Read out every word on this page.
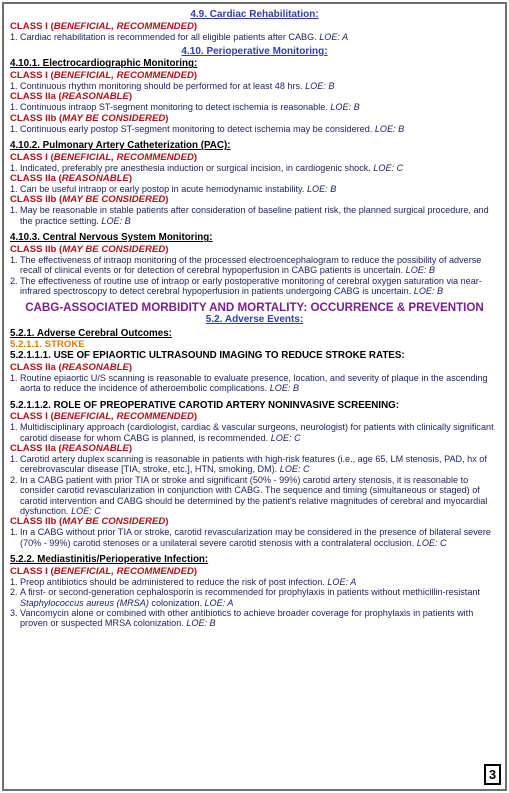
4.9. Cardiac Rehabilitation:
CLASS I (BENEFICIAL, RECOMMENDED)
1. Cardiac rehabilitation is recommended for all eligible patients after CABG. LOE: A
4.10. Perioperative Monitoring:
4.10.1. Electrocardiographic Monitoring:
CLASS I (BENEFICIAL, RECOMMENDED)
1. Continuous rhythm monitoring should be performed for at least 48 hrs. LOE: B
CLASS IIa (REASONABLE)
1. Continuous intraop ST-segment monitoring to detect ischemia is reasonable. LOE: B
CLASS IIb (MAY BE CONSIDERED)
1. Continuous early postop ST-segment monitoring to detect ischemia may be considered. LOE: B
4.10.2. Pulmonary Artery Catheterization (PAC):
CLASS I (BENEFICIAL, RECOMMENDED)
1. Indicated, preferably pre anesthesia induction or surgical incision, in cardiogenic shock. LOE: C
CLASS IIa (REASONABLE)
1. Can be useful intraop or early postop in acute hemodynamic instability. LOE: B
CLASS IIb (MAY BE CONSIDERED)
1. May be reasonable in stable patients after consideration of baseline patient risk, the planned surgical procedure, and the practice setting. LOE: B
4.10.3. Central Nervous System Monitoring:
CLASS IIb (MAY BE CONSIDERED)
1. The effectiveness of intraop monitoring of the processed electroencephalogram to reduce the possibility of adverse recall of clinical events or for detection of cerebral hypoperfusion in CABG patients is uncertain. LOE: B
2. The effectiveness of routine use of intraop or early postoperative monitoring of cerebral oxygen saturation via near-infrared spectroscopy to detect cerebral hypoperfusion in patients undergoing CABG is uncertain. LOE: B
CABG-ASSOCIATED MORBIDITY AND MORTALITY: OCCURRENCE & PREVENTION
5.2. Adverse Events:
5.2.1. Adverse Cerebral Outcomes:
5.2.1.1. STROKE
5.2.1.1.1. USE OF EPIAORTIC ULTRASOUND IMAGING TO REDUCE STROKE RATES:
CLASS IIa (REASONABLE)
1. Routine epiaortic U/S scanning is reasonable to evaluate presence, location, and severity of plaque in the ascending aorta to reduce the incidence of atheroembolic complications. LOE: B
5.2.1.1.2. ROLE OF PREOPERATIVE CAROTID ARTERY NONINVASIVE SCREENING:
CLASS I (BENEFICIAL, RECOMMENDED)
1. Multidisciplinary approach (cardiologist, cardiac & vascular surgeons, neurologist) for patients with clinically significant carotid disease for whom CABG is planned, is recommended. LOE: C
CLASS IIa (REASONABLE)
1. Carotid artery duplex scanning is reasonable in patients with high-risk features (i.e., age 65, LM stenosis, PAD, hx of cerebrovascular disease [TIA, stroke, etc.], HTN, smoking, DM). LOE: C
2. In a CABG patient with prior TIA or stroke and significant (50% - 99%) carotid artery stenosis, it is reasonable to consider carotid revascularization in conjunction with CABG. The sequence and timing (simultaneous or staged) of carotid intervention and CABG should be determined by the patient's relative magnitudes of cerebral and myocardial dysfunction. LOE: C
CLASS IIb (MAY BE CONSIDERED)
1. In a CABG without prior TIA or stroke, carotid revascularization may be considered in the presence of bilateral severe (70% - 99%) carotid stenoses or a unilateral severe carotid stenosis with a contralateral occlusion. LOE: C
5.2.2. Mediastinitis/Perioperative Infection:
CLASS I (BENEFICIAL, RECOMMENDED)
1. Preop antibiotics should be administered to reduce the risk of post infection. LOE: A
2. A first- or second-generation cephalosporin is recommended for prophylaxis in patients without methicillin-resistant Staphylococcus aureus (MRSA) colonization. LOE: A
3. Vancomycin alone or combined with other antibiotics to achieve broader coverage for prophylaxis in patients with proven or suspected MRSA colonization. LOE: B
3
